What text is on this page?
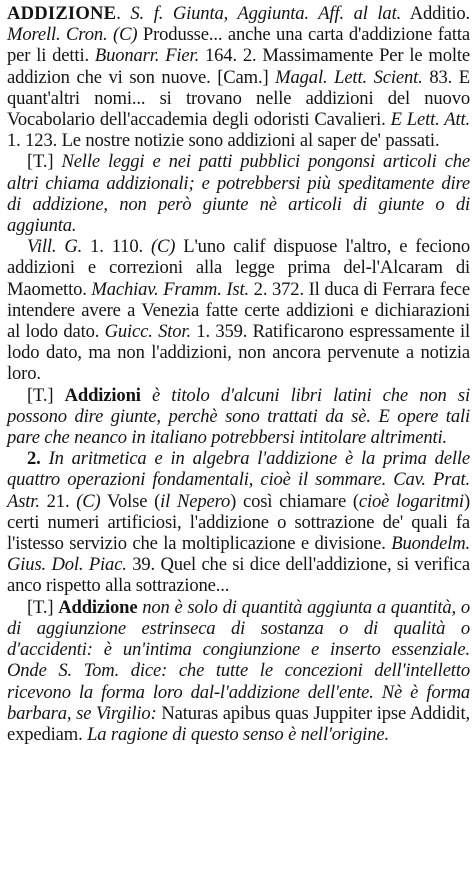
ADDIZIONE. S. f. Giunta, Aggiunta. Aff. al lat. Additio. Morell. Cron. (C) Produsse... anche una carta d'addizione fatta per li detti. Buonarr. Fier. 164. 2. Massimamente Per le molte addizion che vi son nuove. [Cam.] Magal. Lett. Scient. 83. E quant'altri nomi... si trovano nelle addizioni del nuovo Vocabolario dell'accademia degli odoristi Cavalieri. E Lett. Att. 1. 123. Le nostre notizie sono addizioni al saper de' passati.

[T.] Nelle leggi e nei patti pubblici pongonsi articoli che altri chiama addizionali; e potrebbersi più speditamente dire di addizione, non però giunte nè articoli di giunte o di aggiunta.

Vill. G. 1. 110. (C) L'uno calif dispuose l'altro, e feciono addizioni e correzioni alla legge prima del-l'Alcaram di Maometto. Machiav. Framm. Ist. 2. 372. Il duca di Ferrara fece intendere avere a Venezia fatte certe addizioni e dichiarazioni al lodo dato. Guicc. Stor. 1. 359. Ratificarono espressamente il lodo dato, ma non l'addizioni, non ancora pervenute a notizia loro.

[T.] Addizioni è titolo d'alcuni libri latini che non si possono dire giunte, perchè sono trattati da sè. E opere tali pare che neanco in italiano potrebbersi intitolare altrimenti.

2. In aritmetica e in algebra l'addizione è la prima delle quattro operazioni fondamentali, cioè il sommare. Cav. Prat. Astr. 21. (C) Volse (il Nepero) così chiamare (cioè logaritmi) certi numeri artificiosi, l'addizione o sottrazione de' quali fa l'istesso servizio che la moltiplicazione e divisione. Buondelm. Gius. Dol. Piac. 39. Quel che si dice dell'addizione, si verifica anco rispetto alla sottrazione...

[T.] Addizione non è solo di quantità aggiunta a quantità, o di aggiunzione estrinseca di sostanza o di qualità o d'accidenti: è un'intima congiunzione e inserto essenziale. Onde S. Tom. dice: che tutte le concezioni dell'intelletto ricevono la forma loro dal-l'addizione dell'ente. Nè è forma barbara, se Virgilio: Naturas apibus quas Juppiter ipse Addidit, expediam. La ragione di questo senso è nell'origine.
